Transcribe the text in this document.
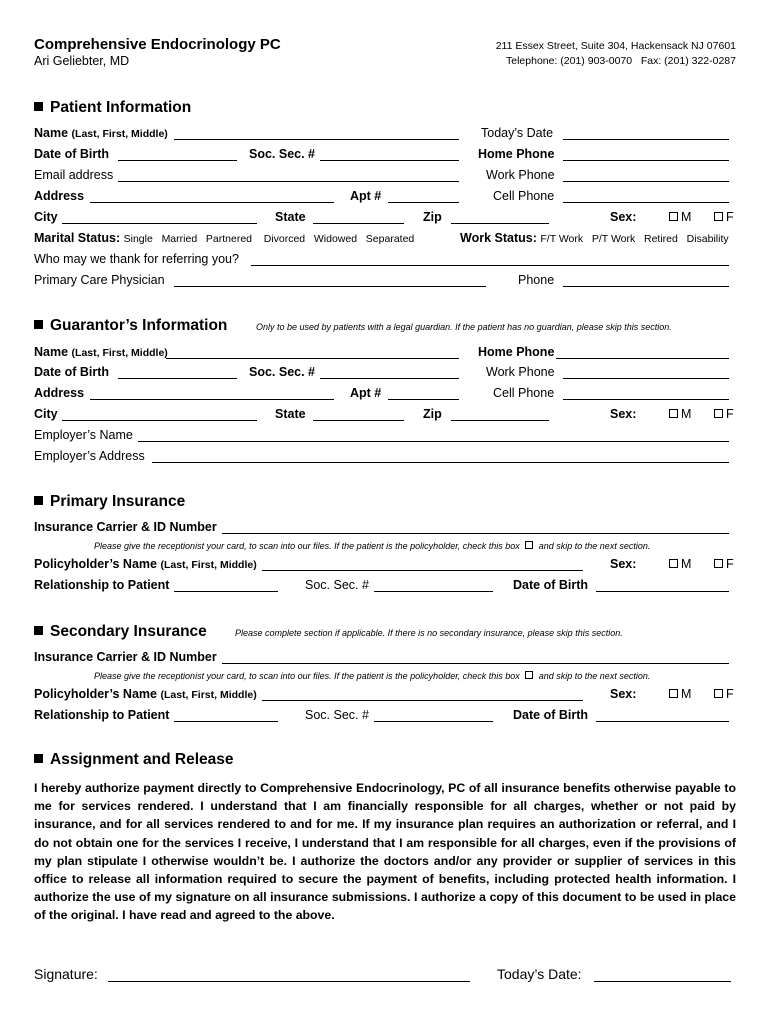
Comprehensive Endocrinology PC
Ari Geliebter, MD
211 Essex Street, Suite 304, Hackensack NJ 07601
Telephone: (201) 903-0070   Fax: (201) 322-0287
Patient Information
Name (Last, First, Middle)	Today’s Date
Date of Birth	Soc. Sec. #	Home Phone
Email address	Work Phone
Address	Apt #	Cell Phone
City	State	Zip	Sex:	M	F
Marital Status: Single   Married   Partnered    Divorced   Widowed   Separated	Work Status: F/T Work   P/T Work   Retired   Disability
Who may we thank for referring you?
Primary Care Physician	Phone
Guarantor’s Information	Only to be used by patients with a legal guardian. If the patient has no guardian, please skip this section.
Name (Last, First, Middle)	Home Phone
Date of Birth	Soc. Sec. #	Work Phone
Address	Apt #	Cell Phone
City	State	Zip	Sex:	M	F
Employer’s Name
Employer’s Address
Primary Insurance
Insurance Carrier & ID Number
Please give the receptionist your card, to scan into our files. If the patient is the policyholder, check this box and skip to the next section.
Policyholder’s Name (Last, First, Middle)	Sex:	M	F
Relationship to Patient	Soc. Sec. #	Date of Birth
Secondary Insurance	Please complete section if applicable. If there is no secondary insurance, please skip this section.
Insurance Carrier & ID Number
Please give the receptionist your card, to scan into our files. If the patient is the policyholder, check this box and skip to the next section.
Policyholder’s Name (Last, First, Middle)	Sex:	M	F
Relationship to Patient	Soc. Sec. #	Date of Birth
Assignment and Release
I hereby authorize payment directly to Comprehensive Endocrinology, PC of all insurance benefits otherwise payable to me for services rendered. I understand that I am financially responsible for all charges, whether or not paid by insurance, and for all services rendered to and for me. If my insurance plan requires an authorization or referral, and I do not obtain one for the services I receive, I understand that I am responsible for all charges, even if the provisions of my plan stipulate I otherwise wouldn’t be. I authorize the doctors and/or any provider or supplier of services in this office to release all information required to secure the payment of benefits, including protected health information. I authorize the use of my signature on all insurance submissions. I authorize a copy of this document to be used in place of the original. I have read and agreed to the above.
Signature:	Today’s Date:
